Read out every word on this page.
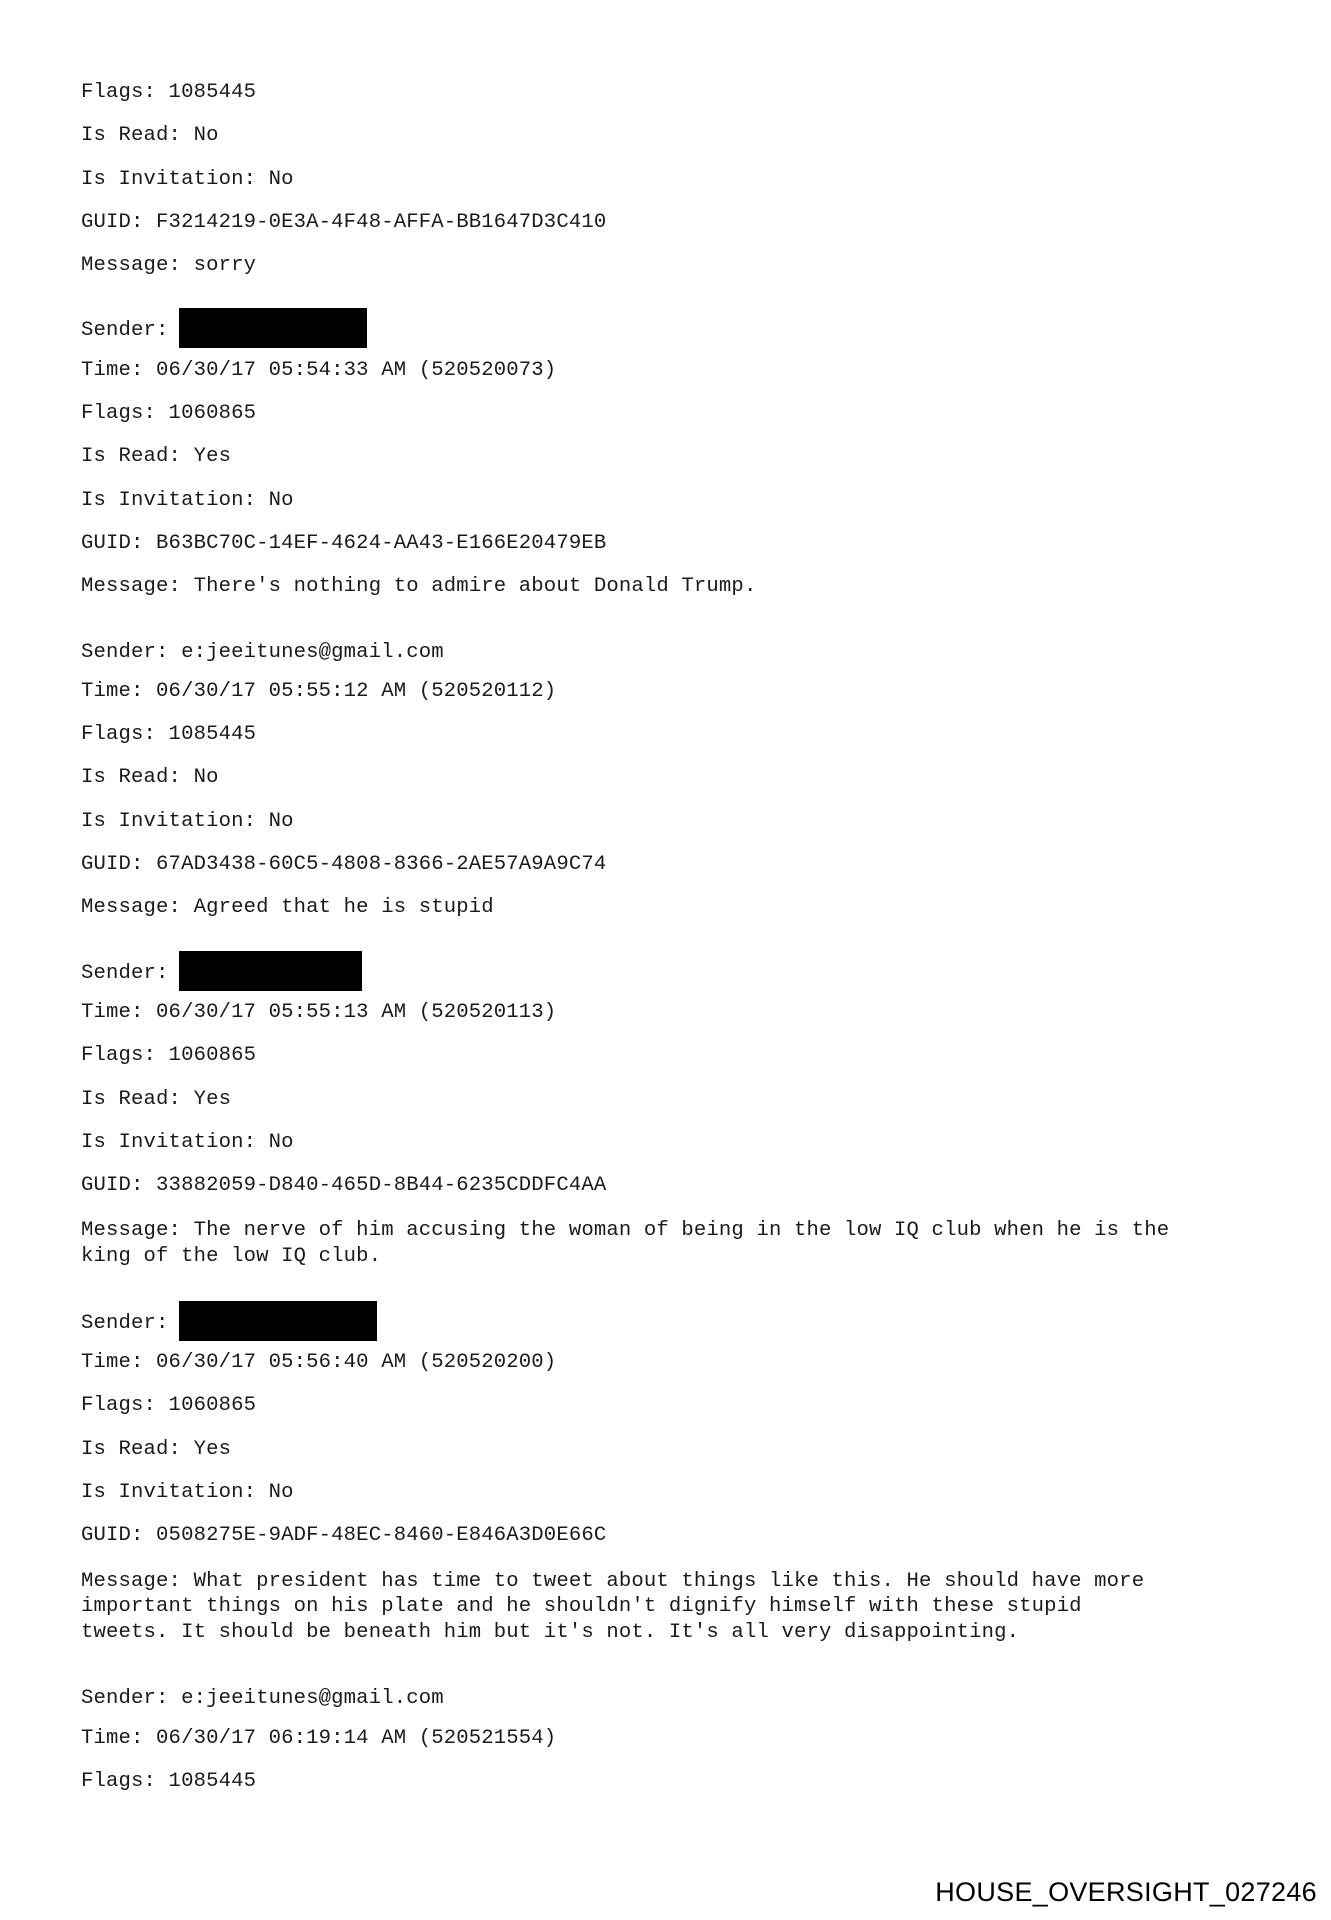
Flags: 1085445
Is Read: No
Is Invitation: No
GUID: F3214219-0E3A-4F48-AFFA-BB1647D3C410
Message: sorry
Sender:
Time: 06/30/17 05:54:33 AM (520520073)
Flags: 1060865
Is Read: Yes
Is Invitation: No
GUID: B63BC70C-14EF-4624-AA43-E166E20479EB
Message: There's nothing to admire about Donald Trump.
Sender: e:jeeitunes@gmail.com
Time: 06/30/17 05:55:12 AM (520520112)
Flags: 1085445
Is Read: No
Is Invitation: No
GUID: 67AD3438-60C5-4808-8366-2AE57A9A9C74
Message: Agreed that he is stupid
Sender:
Time: 06/30/17 05:55:13 AM (520520113)
Flags: 1060865
Is Read: Yes
Is Invitation: No
GUID: 33882059-D840-465D-8B44-6235CDDFC4AA
Message: The nerve of him accusing the woman of being in the low IQ club when he is the
king of the low IQ club.
Sender:
Time: 06/30/17 05:56:40 AM (520520200)
Flags: 1060865
Is Read: Yes
Is Invitation: No
GUID: 0508275E-9ADF-48EC-8460-E846A3D0E66C
Message: What president has time to tweet about things like this. He should have more
important things on his plate and he shouldn't dignify himself with these stupid
tweets. It should be beneath him but it's not. It's all very disappointing.
Sender: e:jeeitunes@gmail.com
Time: 06/30/17 06:19:14 AM (520521554)
Flags: 1085445
HOUSE_OVERSIGHT_027246
